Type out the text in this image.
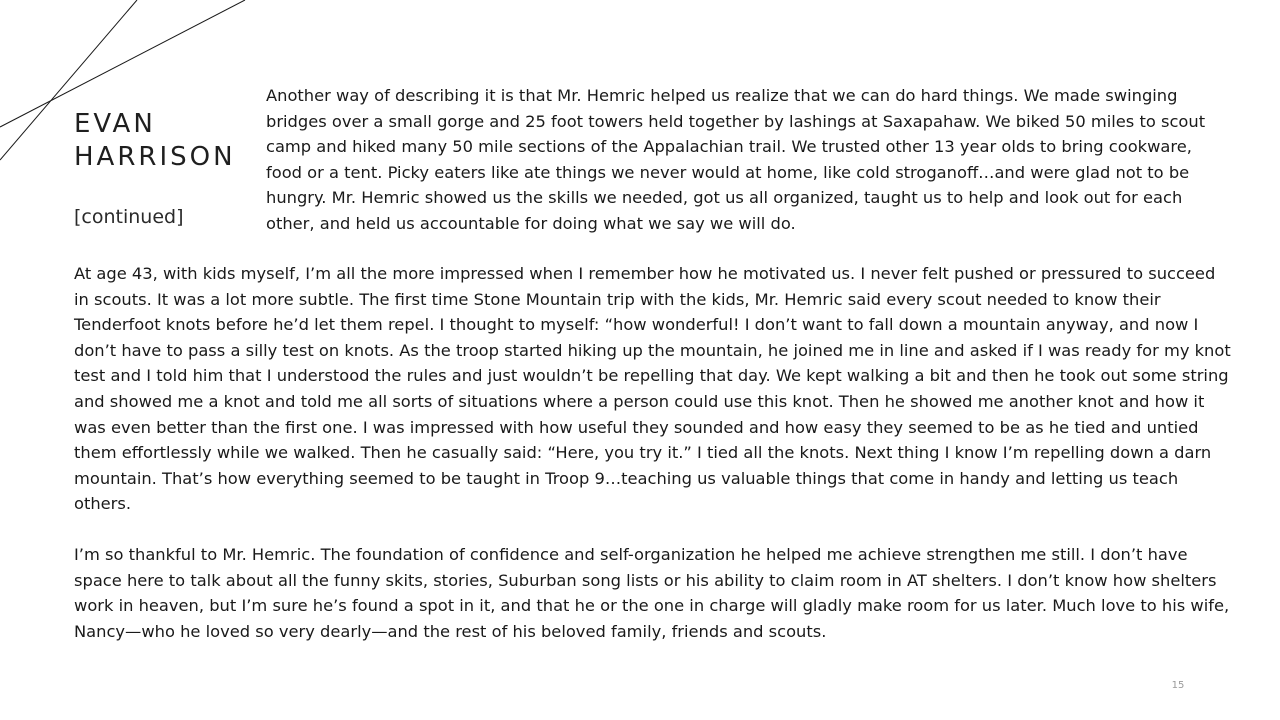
EVAN
HARRISON

[continued]

Another way of describing it is that Mr. Hemric helped us realize that we can do hard things. We made swinging bridges over a small gorge and 25 foot towers held together by lashings at Saxapahaw. We biked 50 miles to scout camp and hiked many 50 mile sections of the Appalachian trail. We trusted other 13 year olds to bring cookware, food or a tent. Picky eaters like ate things we never would at home, like cold stroganoff…and were glad not to be hungry. Mr. Hemric showed us the skills we needed, got us all organized, taught us to help and look out for each other, and held us accountable for doing what we say we will do.

At age 43, with kids myself, I’m all the more impressed when I remember how he motivated us. I never felt pushed or pressured to succeed in scouts. It was a lot more subtle. The first time Stone Mountain trip with the kids, Mr. Hemric said every scout needed to know their Tenderfoot knots before he’d let them repel. I thought to myself: “how wonderful! I don’t want to fall down a mountain anyway, and now I don’t have to pass a silly test on knots. As the troop started hiking up the mountain, he joined me in line and asked if I was ready for my knot test and I told him that I understood the rules and just wouldn’t be repelling that day. We kept walking a bit and then he took out some string and showed me a knot and told me all sorts of situations where a person could use this knot. Then he showed me another knot and how it was even better than the first one. I was impressed with how useful they sounded and how easy they seemed to be as he tied and untied them effortlessly while we walked. Then he casually said: “Here, you try it.” I tied all the knots. Next thing I know I’m repelling down a darn mountain. That’s how everything seemed to be taught in Troop 9…teaching us valuable things that come in handy and letting us teach others.

I’m so thankful to Mr. Hemric. The foundation of confidence and self-organization he helped me achieve strengthen me still. I don’t have space here to talk about all the funny skits, stories, Suburban song lists or his ability to claim room in AT shelters. I don’t know how shelters work in heaven, but I’m sure he’s found a spot in it, and that he or the one in charge will gladly make room for us later. Much love to his wife, Nancy—who he loved so very dearly—and the rest of his beloved family, friends and scouts.

15
